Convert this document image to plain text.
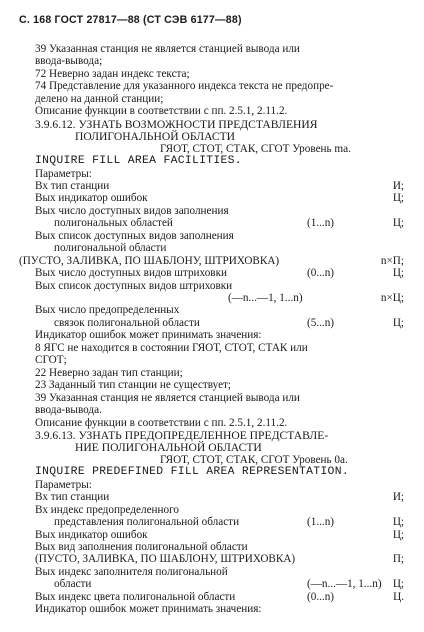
С. 168 ГОСТ 27817—88 (СТ СЭВ 6177—88)
39 Указанная станция не является станцией вывода или
ввода-вывода;
72 Неверно задан индекс текста;
74 Представление для указанного индекса текста не предопре-
делено на данной станции;
Описание функции в соответствии с пп. 2.5.1, 2.11.2.
3.9.6.12. УЗНАТЬ ВОЗМОЖНОСТИ ПРЕДСТАВЛЕНИЯ
ПОЛИГОНАЛЬНОЙ ОБЛАСТИ
ГЯОТ, СТОТ, СТАК, СГОТ Уровень ma.
INQUIRE FILL AREA FACILITIES.
Параметры:
Вх тип станции	И;
Вых индикатор ошибок	Ц;
Вых число доступных видов заполнения
полигональных областей	(1...n)	Ц;
Вых список доступных видов заполнения
полигональной области
(ПУСТО, ЗАЛИВКА, ПО ШАБЛОНУ, ШТРИХОВКА)	n×П;
Вых число доступных видов штриховки	(0...n)	Ц;
Вых список доступных видов штриховки
(—n...—1, 1...n)	n×Ц;
Вых число предопределенных
связок полигональной области	(5...n)	Ц;
Индикатор ошибок может принимать значения:
8 ЯГС не находится в состоянии ГЯОТ, СТОТ, СТАК или
СГОТ;
22 Неверно задан тип станции;
23 Заданный тип станции не существует;
39 Указанная станция не является станцией вывода или
ввода-вывода.
Описание функции в соответствии с пп. 2.5.1, 2.11.2.
3.9.6.13. УЗНАТЬ ПРЕДОПРЕДЕЛЕННОЕ ПРЕДСТАВЛЕ-
НИЕ ПОЛИГОНАЛЬНОЙ ОБЛАСТИ
ГЯОТ, СТОТ, СТАК, СГОТ Уровень 0a.
INQUIRE PREDEFINED FILL AREA REPRESENTATION.
Параметры:
Вх тип станции	И;
Вх индекс предопределенного
представления полигональной области	(1...n)	Ц;
Вых индикатор ошибок	Ц;
Вых вид заполнения полигональной области
(ПУСТО, ЗАЛИВКА, ПО ШАБЛОНУ, ШТРИХОВКА)	П;
Вых индекс заполнителя полигональной
области	(—n...—1, 1...n) Ц;
Вых индекс цвета полигональной области	(0...n)	Ц.
Индикатор ошибок может принимать значения:
